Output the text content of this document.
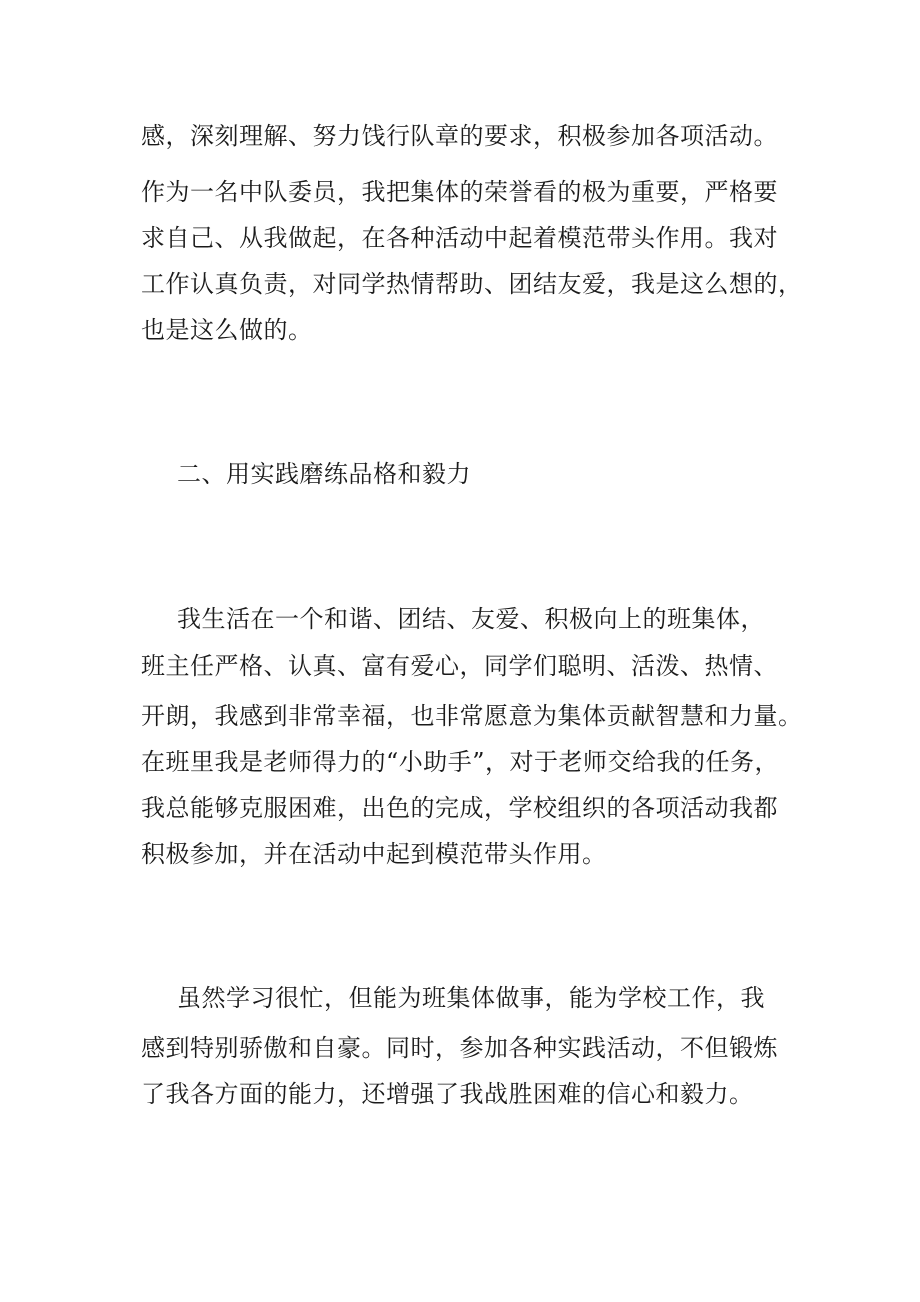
感，深刻理解、努力饯行队章的要求，积极参加各项活动。
作为一名中队委员，我把集体的荣誉看的极为重要，严格要
求自己、从我做起，在各种活动中起着模范带头作用。我对
工作认真负责，对同学热情帮助、团结友爱，我是这么想的，
也是这么做的。
二、用实践磨练品格和毅力
我生活在一个和谐、团结、友爱、积极向上的班集体，
班主任严格、认真、富有爱心，同学们聪明、活泼、热情、
开朗，我感到非常幸福，也非常愿意为集体贡献智慧和力量。
在班里我是老师得力的“小助手”，对于老师交给我的任务，
我总能够克服困难，出色的完成，学校组织的各项活动我都
积极参加，并在活动中起到模范带头作用。
虽然学习很忙，但能为班集体做事，能为学校工作，我
感到特别骄傲和自豪。同时，参加各种实践活动，不但锻炼
了我各方面的能力，还增强了我战胜困难的信心和毅力。
